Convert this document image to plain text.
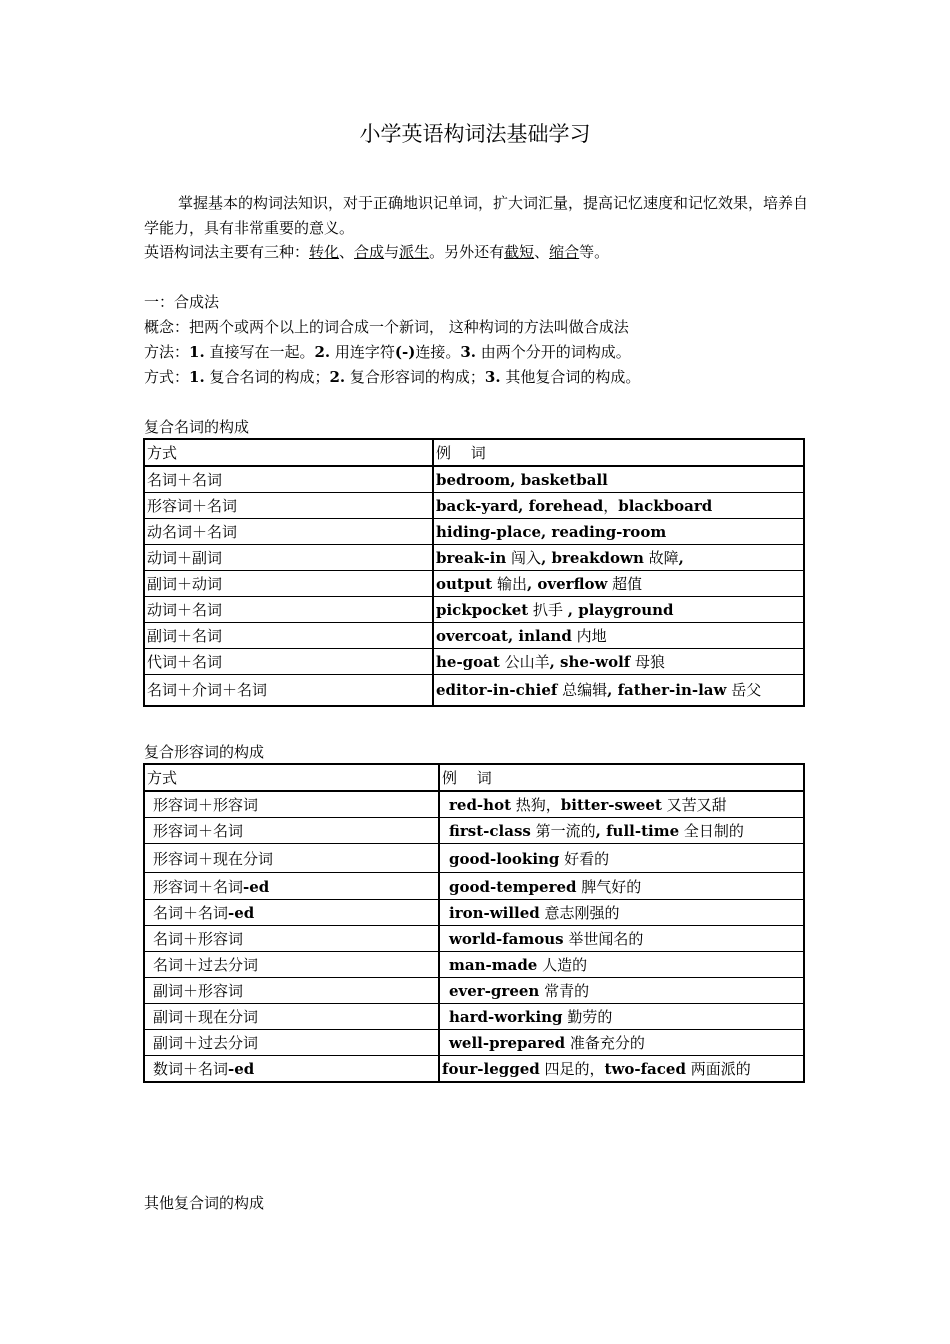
小学英语构词法基础学习
掌握基本的构词法知识，对于正确地识记单词，扩大词汇量，提高记忆速度和记忆效果，培养自学能力，具有非常重要的意义。
英语构词法主要有三种：转化、合成与派生。另外还有截短、缩合等。
一：合成法
概念：把两个或两个以上的词合成一个新词， 这种构词的方法叫做合成法
方法：1. 直接写在一起。2. 用连字符(-)连接。3. 由两个分开的词构成。
方式：1. 复合名词的构成；2. 复合形容词的构成；3. 其他复合词的构成。
复合名词的构成
方式	例　 词
名词＋名词	bedroom, basketball
形容词＋名词	back-yard, forehead，blackboard
动名词＋名词	hiding-place, reading-room
动词＋副词	break-in 闯入, breakdown 故障,
副词＋动词	output 输出, overflow 超值
动词＋名词	pickpocket 扒手 , playground
副词＋名词	overcoat, inland 内地
代词＋名词	he-goat 公山羊, she-wolf 母狼
名词＋介词＋名词	editor-in-chief 总编辑, father-in-law 岳父
复合形容词的构成
方式	例　 词
形容词＋形容词	red-hot 热狗，bitter-sweet 又苦又甜
形容词＋名词	first-class 第一流的, full-time 全日制的
形容词＋现在分词	good-looking 好看的
形容词＋名词-ed	good-tempered 脾气好的
名词＋名词-ed	iron-willed 意志刚强的
名词＋形容词	world-famous 举世闻名的
名词＋过去分词	man-made 人造的
副词＋形容词	ever-green 常青的
副词＋现在分词	hard-working 勤劳的
副词＋过去分词	well-prepared 准备充分的
数词＋名词-ed	four-legged 四足的，two-faced 两面派的
其他复合词的构成
